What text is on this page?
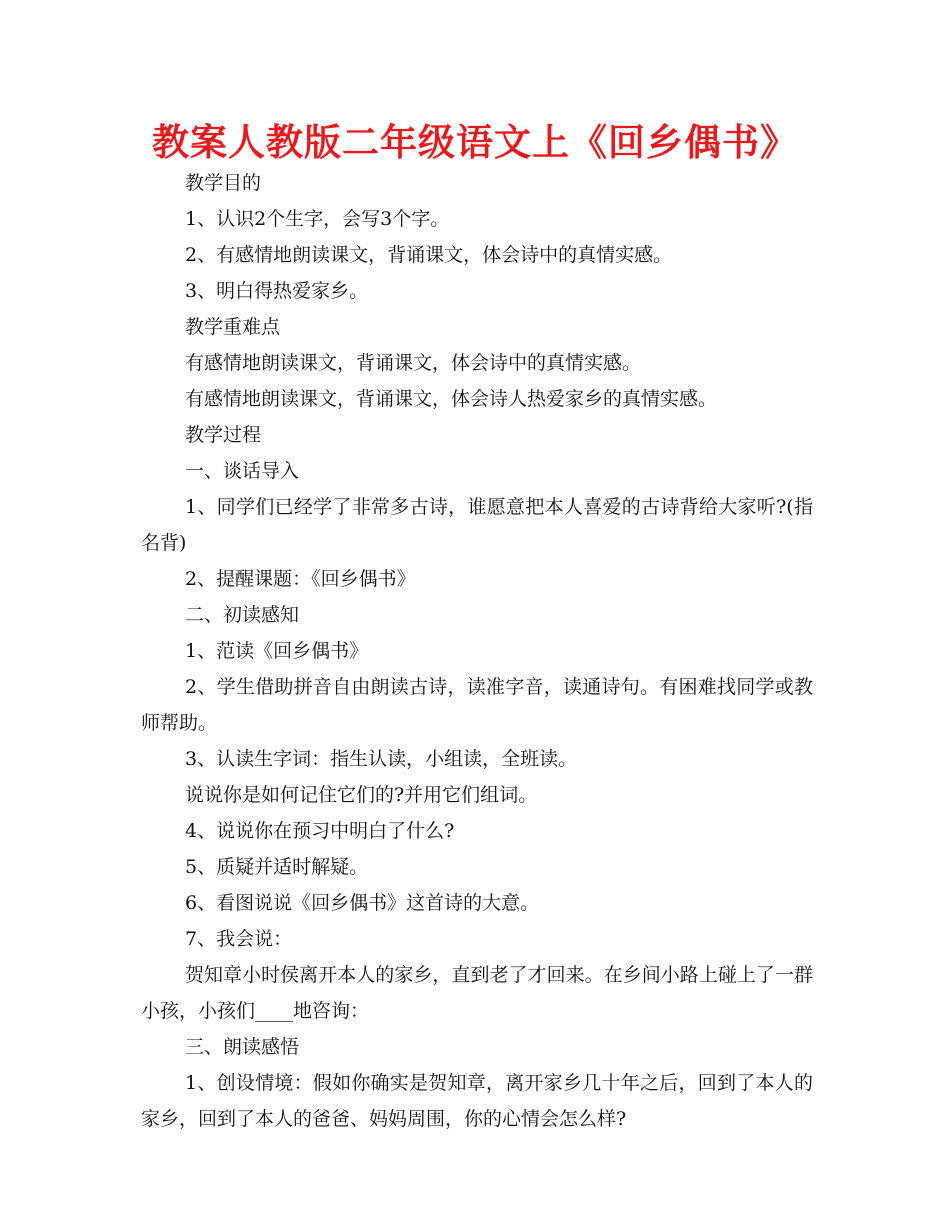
教案人教版二年级语文上《回乡偶书》

教学目的

1、认识2个生字，会写3个字。

2、有感情地朗读课文，背诵课文，体会诗中的真情实感。

3、明白得热爱家乡。

教学重难点

有感情地朗读课文，背诵课文，体会诗中的真情实感。

有感情地朗读课文，背诵课文，体会诗人热爱家乡的真情实感。

教学过程

一、谈话导入

1、同学们已经学了非常多古诗，谁愿意把本人喜爱的古诗背给大家听?(指名背)

2、提醒课题：《回乡偶书》

二、初读感知

1、范读《回乡偶书》

2、学生借助拼音自由朗读古诗，读准字音，读通诗句。有困难找同学或教师帮助。

3、认读生字词：指生认读，小组读，全班读。

说说你是如何记住它们的?并用它们组词。

4、说说你在预习中明白了什么?

5、质疑并适时解疑。

6、看图说说《回乡偶书》这首诗的大意。

7、我会说：

贺知章小时侯离开本人的家乡，直到老了才回来。在乡间小路上碰上了一群小孩，小孩们____地咨询：

三、朗读感悟

1、创设情境：假如你确实是贺知章，离开家乡几十年之后，回到了本人的家乡，回到了本人的爸爸、妈妈周围，你的心情会怎么样?
